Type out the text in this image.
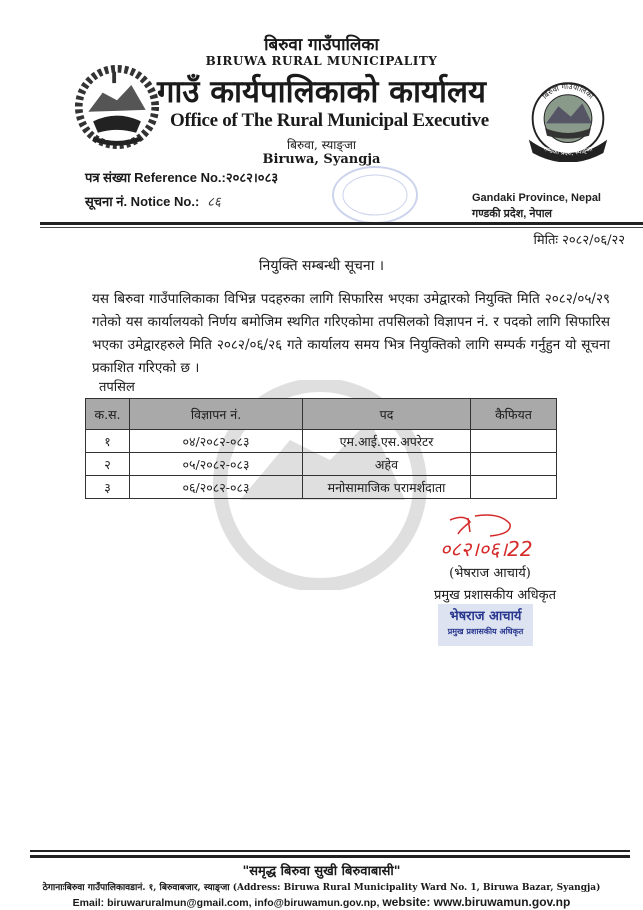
बिरुवा गाउँपालिका
गण्डकी प्रदेश, स्याङ्जा
बिरुवा गाउँपालिका
BIRUWA RURAL MUNICIPALITY
गाउँ कार्यपालिकाको कार्यालय
Office of The Rural Municipal Executive
बिरुवा, स्याङ्जा
Biruwa, Syangja
पत्र संख्या Reference No.:२०८२।०८३
सूचना नं. Notice No.: ८६	Gandaki Province, Nepal
गण्डकी प्रदेश, नेपाल
मितिः २०८२/०६/२२
नियुक्ति सम्बन्धी सूचना ।
यस बिरुवा गाउँपालिकाका विभिन्न पदहरुका लागि सिफारिस भएका उमेद्वारको नियुक्ति मिति २०८२/०५/२९ गतेको यस कार्यालयको निर्णय बमोजिम स्थगित गरिएकोमा तपसिलको विज्ञापन नं. र पदको लागि सिफारिस भएका उमेद्वारहरुले मिति २०८२/०६/२६ गते कार्यालय समय भित्र नियुक्तिको लागि सम्पर्क गर्नुहुन यो सूचना प्रकाशित गरिएको छ ।
तपसिल
क.स.	विज्ञापन नं.	पद	कैफियत
१	०४/२०८२-०८३	एम.आई.एस.अपरेटर	
२	०५/२०८२-०८३	अहेव	
३	०६/२०८२-०८३	मनोसामाजिक परामर्शदाता	
०८२।०६।22
(भेषराज आचार्य)
प्रमुख प्रशासकीय अधिकृत
भेषराज आचार्य
प्रमुख प्रशासकीय अधिकृत
"समृद्ध बिरुवा सुखी बिरुवाबासी"
ठेगानाःबिरुवा गाउँपालिकावडानं. १, बिरुवाबजार, स्याङ्जा (Address: Biruwa Rural Municipality Ward No. 1, Biruwa Bazar, Syangja)
Email: biruwaruralmun@gmail.com, info@biruwamun.gov.np, website: www.biruwamun.gov.np
